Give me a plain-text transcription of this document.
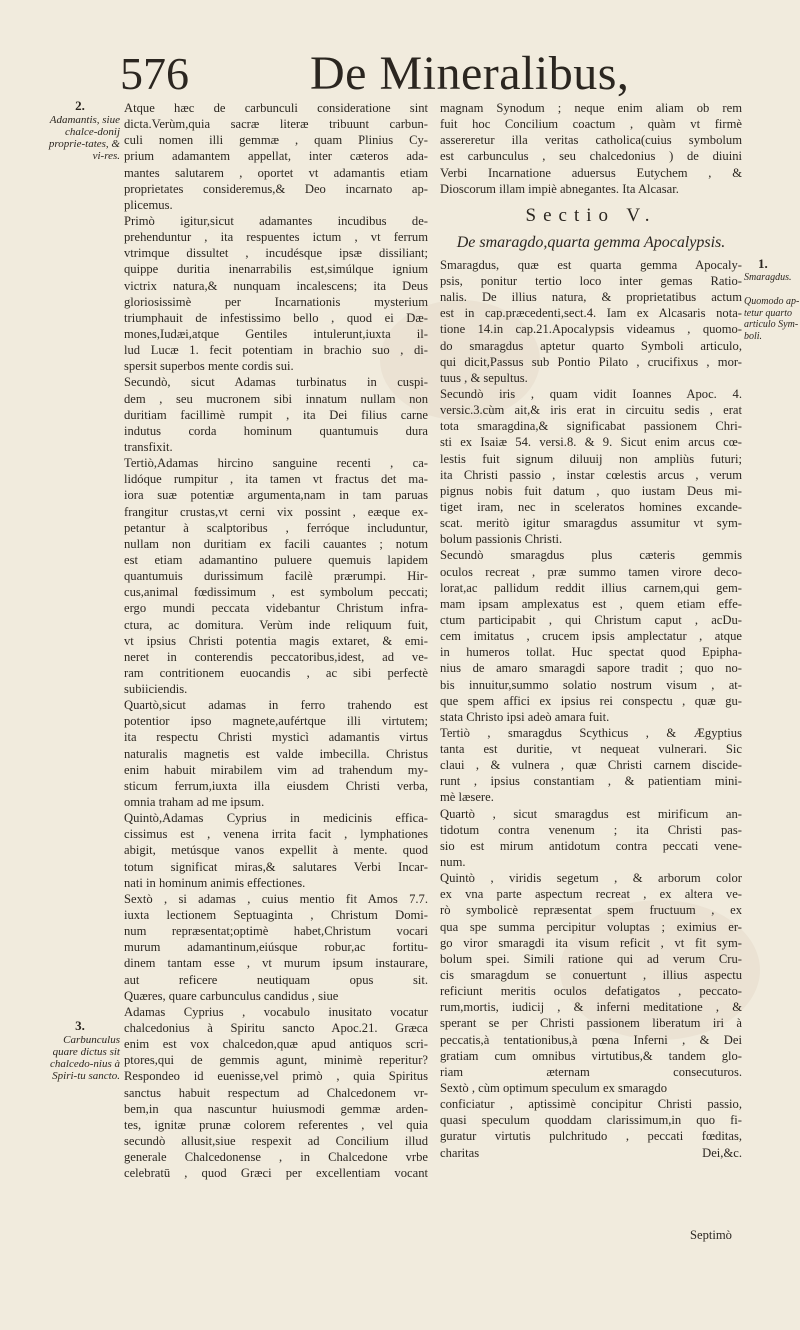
576	De Mineralibus,
2.
Adamantis, siue chalce-donij proprie-tates, & vi-res.
3.
Carbunculus quare dictus sit chalcedo-nius à Spiri-tu sancto.
1.
Smaragdus.
Quomodo ap-tetur quarto articulo Sym-boli.
Atque hæc de carbunculi consideratione sint
dicta.Verùm,quia sacræ literæ tribuunt carbun-
culi nomen illi gemmæ , quam Plinius Cy-
prium adamantem appellat, inter cæteros ada-
mantes salutarem , oportet vt adamantis etiam
proprietates consideremus,& Deo incarnato ap-
plicemus.
Primò igitur,sicut adamantes incudibus de-
prehenduntur , ita respuentes ictum , vt ferrum
vtrimque dissultet , incudésque ipsæ dissiliant;
quippe duritia inenarrabilis est,simúlque ignium
victrix natura,& nunquam incalescens; ita Deus
gloriosissimè per Incarnationis mysterium
triumphauit de infestissimo bello , quod ei Dæ-
mones,Iudæi,atque Gentiles intulerunt,iuxta il-
lud Lucæ 1. fecit potentiam in brachio suo , di-
spersit superbos mente cordis sui.
Secundò, sicut Adamas turbinatus in cuspi-
dem , seu mucronem sibi innatum nullam non
duritiam facillimè rumpit , ita Dei filius carne
indutus corda hominum quantumuis dura
transfixit.
Tertiò,Adamas hircino sanguine recenti , ca-
lidóque rumpitur , ita tamen vt fractus det ma-
iora suæ potentiæ argumenta,nam in tam paruas
frangitur crustas,vt cerni vix possint , eæque ex-
petantur à scalptoribus , ferróque includuntur,
nullam non duritiam ex facili cauantes ; notum
est etiam adamantino puluere quemuis lapidem
quantumuis durissimum facilè prærumpi. Hir-
cus,animal fœdissimum , est symbolum peccati;
ergo mundi peccata videbantur Christum infra-
ctura, ac domitura. Verùm inde reliquum fuit,
vt ipsius Christi potentia magis extaret, & emi-
neret in conterendis peccatoribus,idest, ad ve-
ram contritionem euocandis , ac sibi perfectè
subiiciendis.
Quartò,sicut adamas in ferro trahendo est
potentior ipso magnete,aufértque illi virtutem;
ita respectu Christi mysticì adamantis virtus
naturalis magnetis est valde imbecilla. Christus
enim habuit mirabilem vim ad trahendum my-
sticum ferrum,iuxta illa eiusdem Christi verba,
omnia traham ad me ipsum.
Quintò,Adamas Cyprius in medicinis effica-
cissimus est , venena irrita facit , lymphationes
abigit, metúsque vanos expellit à mente. quod
totum significat miras,& salutares Verbi Incar-
nati in hominum animis effectiones.
Sextò , si adamas , cuius mentio fit Amos 7.7.
iuxta lectionem Septuaginta , Christum Domi-
num repræsentat;optimè habet,Christum vocari
murum adamantinum,eiúsque robur,ac fortitu-
dinem tantam esse , vt murum ipsum instaurare,
aut reficere neutiquam opus sit.
Quæres, quare carbunculus candidus , siue
Adamas Cyprius , vocabulo inusitato vocatur
chalcedonius à Spiritu sancto Apoc.21. Græca
enim est vox chalcedon,quæ apud antiquos scri-
ptores,qui de gemmis agunt, minimè reperitur?
Respondeo id euenisse,vel primò , quia Spiritus
sanctus habuit respectum ad Chalcedonem vr-
bem,in qua nascuntur huiusmodi gemmæ arden-
tes, ignitæ prunæ colorem referentes , vel quia
secundò allusit,siue respexit ad Concilium illud
generale Chalcedonense , in Chalcedone vrbe
celebratū , quod Græci per excellentiam vocant
magnam Synodum ; neque enim aliam ob rem
fuit hoc Concilium coactum , quàm vt firmè
assereretur illa veritas catholica(cuius symbolum
est carbunculus , seu chalcedonius ) de diuini
Verbi Incarnatione aduersus Eutychem , &
Dioscorum illam impiè abnegantes. Ita Alcasar.
Sectio V.
De smaragdo,quarta gemma Apocalypsis.
Smaragdus, quæ est quarta gemma Apocaly-
psis, ponitur tertio loco inter gemas Ratio-
nalis. De illius natura, & proprietatibus actum
est in cap.præcedenti,sect.4. Iam ex Alcasaris nota-
tione 14.in cap.21.Apocalypsis videamus , quomo-
do smaragdus aptetur quarto Symboli articulo,
qui dicit,Passus sub Pontio Pilato , crucifixus , mor-
tuus , & sepultus.
Secundò iris , quam vidit Ioannes Apoc. 4.
versic.3.cùm ait,& iris erat in circuitu sedis , erat
tota smaragdina,& significabat passionem Chri-
sti ex Isaiæ 54. versi.8. & 9. Sicut enim arcus cœ-
lestis fuit signum diluuij non ampliùs futuri;
ita Christi passio , instar cœlestis arcus , verum
pignus nobis fuit datum , quo iustam Deus mi-
tiget iram, nec in sceleratos homines excande-
scat. meritò igitur smaragdus assumitur vt sym-
bolum passionis Christi.
Secundò smaragdus plus cæteris gemmis
oculos recreat , præ summo tamen virore deco-
lorat,ac pallidum reddit illius carnem,qui gem-
mam ipsam amplexatus est , quem etiam effe-
ctum participabit , qui Christum caput , acDu-
cem imitatus , crucem ipsis amplectatur , atque
in humeros tollat. Huc spectat quod Epipha-
nius de amaro smaragdi sapore tradit ; quo no-
bis innuitur,summo solatio nostrum visum , at-
que spem affici ex ipsius rei conspectu , quæ gu-
stata Christo ipsi adeò amara fuit.
Tertiò , smaragdus Scythicus , & Ægyptius
tanta est duritie, vt nequeat vulnerari. Sic
claui , & vulnera , quæ Christi carnem discide-
runt , ipsius constantiam , & patientiam mini-
mè læsere.
Quartò , sicut smaragdus est mirificum an-
tidotum contra venenum ; ita Christi pas-
sio est mirum antidotum contra peccati vene-
num.
Quintò , viridis segetum , & arborum color
ex vna parte aspectum recreat , ex altera ve-
rò symbolicè repræsentat spem fructuum , ex
qua spe summa percipitur voluptas ; eximius er-
go viror smaragdi ita visum reficit , vt fit sym-
bolum spei. Simili ratione qui ad verum Cru-
cis smaragdum se conuertunt , illius aspectu
reficiunt meritis oculos defatigatos , peccato-
rum,mortis, iudicij , & inferni meditatione , &
sperant se per Christi passionem liberatum iri à
peccatis,à tentationibus,à pœna Inferni , & Dei
gratiam cum omnibus virtutibus,& tandem glo-
riam æternam consecuturos.
Sextò , cùm optimum speculum ex smaragdo
conficiatur , aptissimè concipitur Christi passio,
quasi speculum quoddam clarissimum,in quo fi-
guratur virtutis pulchritudo , peccati fœditas,
charitas Dei,&c.
Septimò
